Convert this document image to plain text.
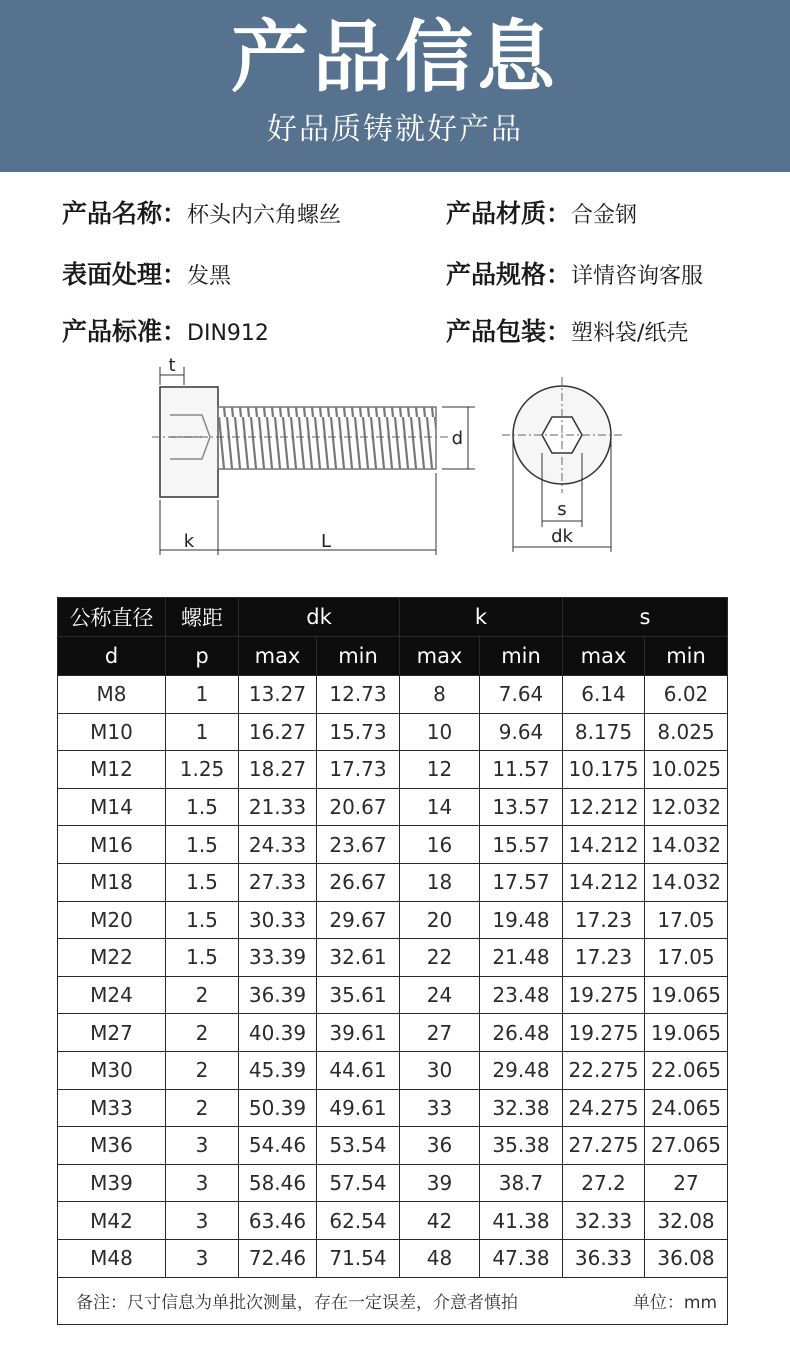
产品信息
好品质铸就好产品
产品名称：杯头内六角螺丝	产品材质：合金钢
表面处理：发黑	产品规格：详情咨询客服
产品标准：DIN912	产品包装：塑料袋/纸壳
t
k	L
d
s
dk
公称直径	螺距	dk		k		s	
d	p	max	min	max	min	max	min
M8	1	13.27	12.73	8	7.64	6.14	6.02
M10	1	16.27	15.73	10	9.64	8.175	8.025
M12	1.25	18.27	17.73	12	11.57	10.175	10.025
M14	1.5	21.33	20.67	14	13.57	12.212	12.032
M16	1.5	24.33	23.67	16	15.57	14.212	14.032
M18	1.5	27.33	26.67	18	17.57	14.212	14.032
M20	1.5	30.33	29.67	20	19.48	17.23	17.05
M22	1.5	33.39	32.61	22	21.48	17.23	17.05
M24	2	36.39	35.61	24	23.48	19.275	19.065
M27	2	40.39	39.61	27	26.48	19.275	19.065
M30	2	45.39	44.61	30	29.48	22.275	22.065
M33	2	50.39	49.61	33	32.38	24.275	24.065
M36	3	54.46	53.54	36	35.38	27.275	27.065
M39	3	58.46	57.54	39	38.7	27.2	27
M42	3	63.46	62.54	42	41.38	32.33	32.08
M48	3	72.46	71.54	48	47.38	36.33	36.08
备注：尺寸信息为单批次测量，存在一定误差，介意者慎拍 单位：mm							
